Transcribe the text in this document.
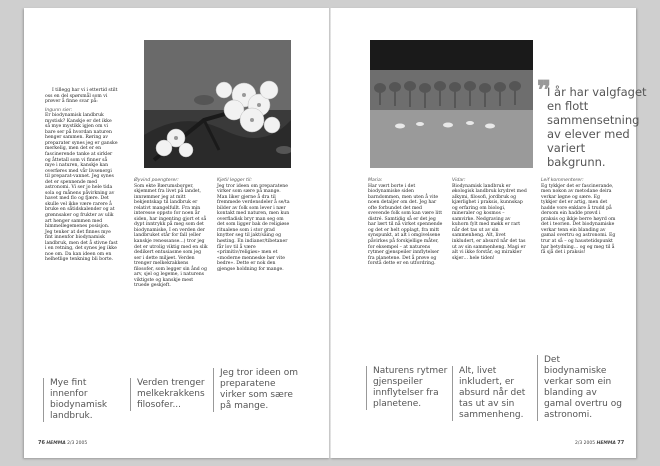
I tillegg har vi i ettertid stilt oss en del spørsmål som vi prøver å finne svar på:

Ingunn sier:

Er biodynamisk landbruk mystisk? Kanskje er det ikke så mye mystikk igjen om vi bare ser på hvordan naturen henger sammen. Røring av preparater synes jeg er ganske merkelig, men det er en fascinerende tanke at sirkler og åttetall som vi finner så mye i naturen, kanskje kan overføres med vår livsenergi til preparat-vannet. Jeg synes det er spennende med astronomi. Vi ser jo hele tida sola og månens påvirkning av havet med flo og fjære. Det skulle vel ikke være rarere å bruke en såtidskalender og at grønnsaker og frukter av ulik art henger sammen med himmellegemenes posisjon. Jeg tenker at det finnes mye fint innenfor biodynamisk landbruk, men det å stivne fast i en retning, det synes jeg ikke noe om. Da kan ideen om en helhetlige tenkning bli borte.

Øyvind poengterer:

Som ekte Bærumsborger, skjemmet fra livet på landet, innrømmer jeg at mitt bekjentskap til landbruk er relativt mangelfullt. Fra min interesse oppsto for noen år siden, har ingenting gjort et så dypt inntrykk på meg som det biodynamiske. I en verden der landbruket står for fall (eller kanskje renessanse...) tror jeg det er utrolig viktig med en slik dedikert entusiasme som jeg ser i dette miljøet. Verden trenger melkekrakkens filosofer, som legger sin ånd og arv, sjel og legeme, i naturens viktigste og kanskje mest truede geskjeft.

Kjetil legger til:

Jeg tror ideen om preparatene virker som sære på mange. Man liker gjerne å dra til fremmede verdensdeler å se/ta bilder av folk som lever i nær kontakt med naturen, men kun overfladisk bryr man seg om det som ligger bak de religiøse ritualene som i stor grad knytter seg til jakt/såing og høsting. En indianer/tibetaner får lov til å være «primitiv/religiøs» men et «moderne menneske bør vite bedre». Dette er nok den gjengse holdning for mange.

Maria:

Har vært borte i det biodynamiske siden barndommen, men uten å vite noen detaljer om det. Jeg har ofte forbundet det med svevende folk som kan være litt distré. Samtidig så er det jeg har lært til nå virket spennende og det er helt opplagt, fra mitt synspunkt, at alt i omgivelsene påvirkes på forskjellige måter, for eksempel – at naturens rytmer gjenspeiler innflytelser fra planetene. Det å prøve og forstå dette er en utfordring.

Vidar:

Biodynamisk landbruk er økologisk landbruk krydret med alkymi, filosofi, jordbruk og kjærlighet i praksis, kunnskap og erfaring om biologi, mineraler og kosmos – samvirke. Nedgraving av kuhorn fylt med møkk er rart når det tas ut av sin sammenheng. Alt, livet inkludert, er absurd når det tas ut av sin sammenheng. Magi er alt vi ikke forstår, og mirakler skjer… hele tiden!

Leif kommenterer:

Eg tykkjer det er fascinerande, men nokon av metodane deira verkar løgne og sære. Eg tykkjer det er artig, men det hadde vore enklare å trudd på dersom ein hadde prøvd i praksis og ikkje berre høyrd om det i teorien. Det biodynamiske verkar tenn ein blanding av gamal overtru og astronomi. Eg trur at så – og haustetidspunkt har betydning… og eg meg til å få sjå det i praksis!

❞
I år har valgfaget en flott sammensetning av elever med variert bakgrunn.
Mye fint innenfor biodynamisk landbruk.
Verden trenger melkekrakkens filosofer...
Jeg tror ideen om preparatene virker som sære på mange.
Naturens rytmer gjenspeiler innflytelser fra planetene.
Alt, livet inkludert, er absurd når det tas ut av sin sammenheng.
Det biodynamiske verkar som ein blanding av gamal overtru og astronomi.
76 HEMMA 2/3 2005	2/3 2005 HEMMA 77
